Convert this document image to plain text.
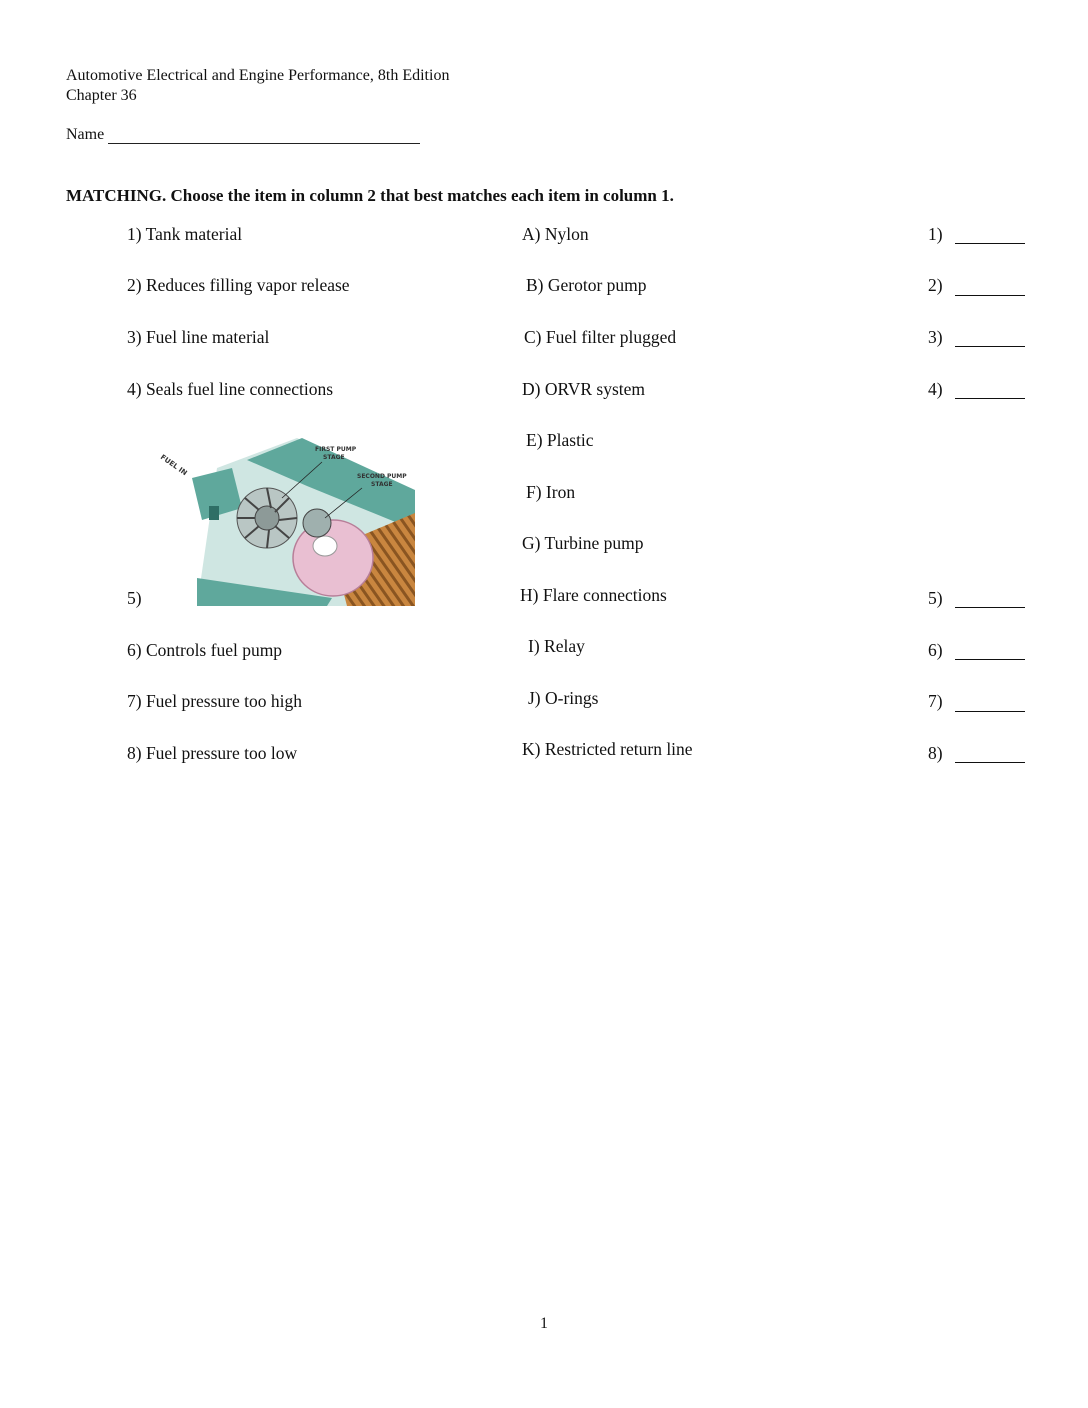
Automotive Electrical and Engine Performance, 8th Edition
Chapter 36
Name
MATCHING. Choose the item in column 2 that best matches each item in column 1.
1) Tank material
2) Reduces filling vapor release
3) Fuel line material
4) Seals fuel line connections
5)
6) Controls fuel pump
7) Fuel pressure too high
8) Fuel pressure too low
A) Nylon
B) Gerotor pump
C) Fuel filter plugged
D) ORVR system
E) Plastic
F) Iron
G) Turbine pump
H) Flare connections
I) Relay
J) O-rings
K) Restricted return line
1)
2)
3)
4)
5)
6)
7)
8)
FUEL IN
FIRST PUMP
STAGE
SECOND PUMP
STAGE
1
